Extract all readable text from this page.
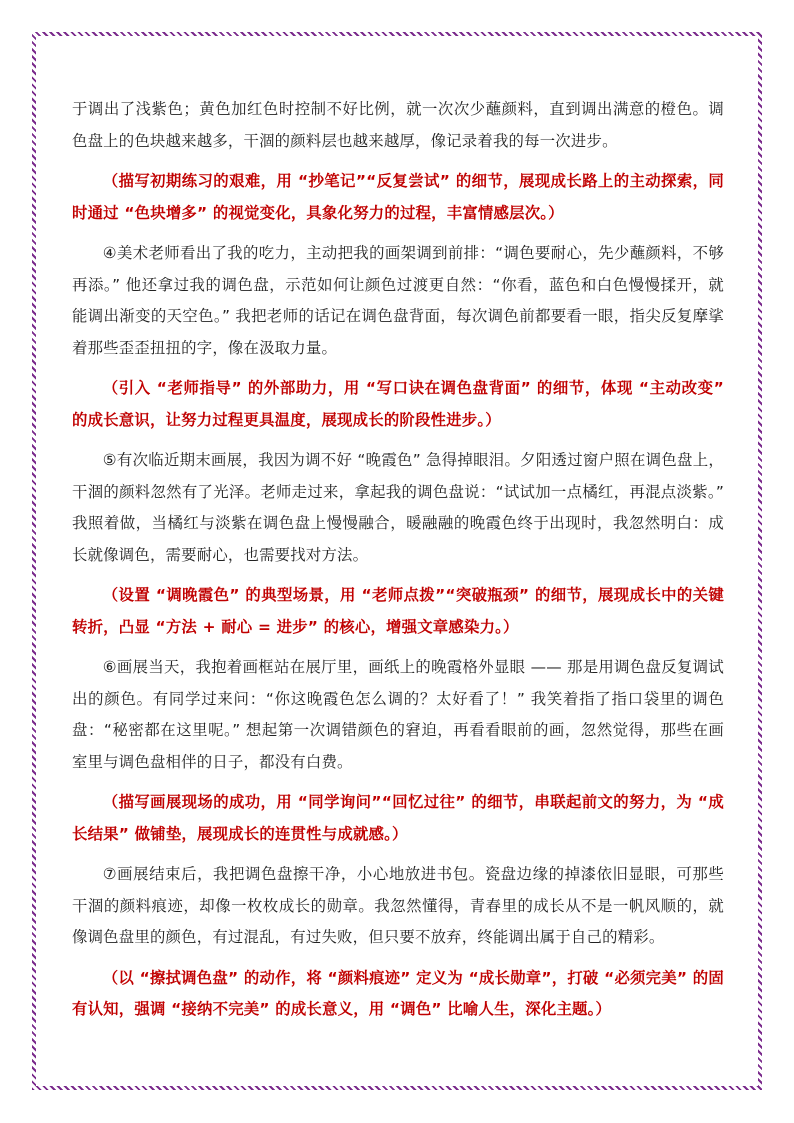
于调出了浅紫色；黄色加红色时控制不好比例，就一次次少蘸颜料，直到调出满意的橙色。调色盘上的色块越来越多，干涸的颜料层也越来越厚，像记录着我的每一次进步。

（描写初期练习的艰难，用 “抄笔记”“反复尝试” 的细节，展现成长路上的主动探索，同时通过 “色块增多” 的视觉变化，具象化努力的过程，丰富情感层次。）

④美术老师看出了我的吃力，主动把我的画架调到前排：“调色要耐心，先少蘸颜料，不够再添。” 他还拿过我的调色盘，示范如何让颜色过渡更自然：“你看，蓝色和白色慢慢揉开，就能调出渐变的天空色。” 我把老师的话记在调色盘背面，每次调色前都要看一眼，指尖反复摩挲着那些歪歪扭扭的字，像在汲取力量。

（引入 “老师指导” 的外部助力，用 “写口诀在调色盘背面” 的细节，体现 “主动改变” 的成长意识，让努力过程更具温度，展现成长的阶段性进步。）

⑤有次临近期末画展，我因为调不好 “晚霞色” 急得掉眼泪。夕阳透过窗户照在调色盘上，干涸的颜料忽然有了光泽。老师走过来，拿起我的调色盘说：“试试加一点橘红，再混点淡紫。” 我照着做，当橘红与淡紫在调色盘上慢慢融合，暖融融的晚霞色终于出现时，我忽然明白：成长就像调色，需要耐心，也需要找对方法。

（设置 “调晚霞色” 的典型场景，用 “老师点拨”“突破瓶颈” 的细节，展现成长中的关键转折，凸显 “方法 + 耐心 = 进步” 的核心，增强文章感染力。）

⑥画展当天，我抱着画框站在展厅里，画纸上的晚霞格外显眼 —— 那是用调色盘反复调试出的颜色。有同学过来问：“你这晚霞色怎么调的？太好看了！” 我笑着指了指口袋里的调色盘：“秘密都在这里呢。” 想起第一次调错颜色的窘迫，再看看眼前的画，忽然觉得，那些在画室里与调色盘相伴的日子，都没有白费。

（描写画展现场的成功，用 “同学询问”“回忆过往” 的细节，串联起前文的努力，为 “成长结果” 做铺垫，展现成长的连贯性与成就感。）

⑦画展结束后，我把调色盘擦干净，小心地放进书包。瓷盘边缘的掉漆依旧显眼，可那些干涸的颜料痕迹，却像一枚枚成长的勋章。我忽然懂得，青春里的成长从不是一帆风顺的，就像调色盘里的颜色，有过混乱，有过失败，但只要不放弃，终能调出属于自己的精彩。

（以 “擦拭调色盘” 的动作，将 “颜料痕迹” 定义为 “成长勋章”，打破 “必须完美” 的固有认知，强调 “接纳不完美” 的成长意义，用 “调色” 比喻人生，深化主题。）
